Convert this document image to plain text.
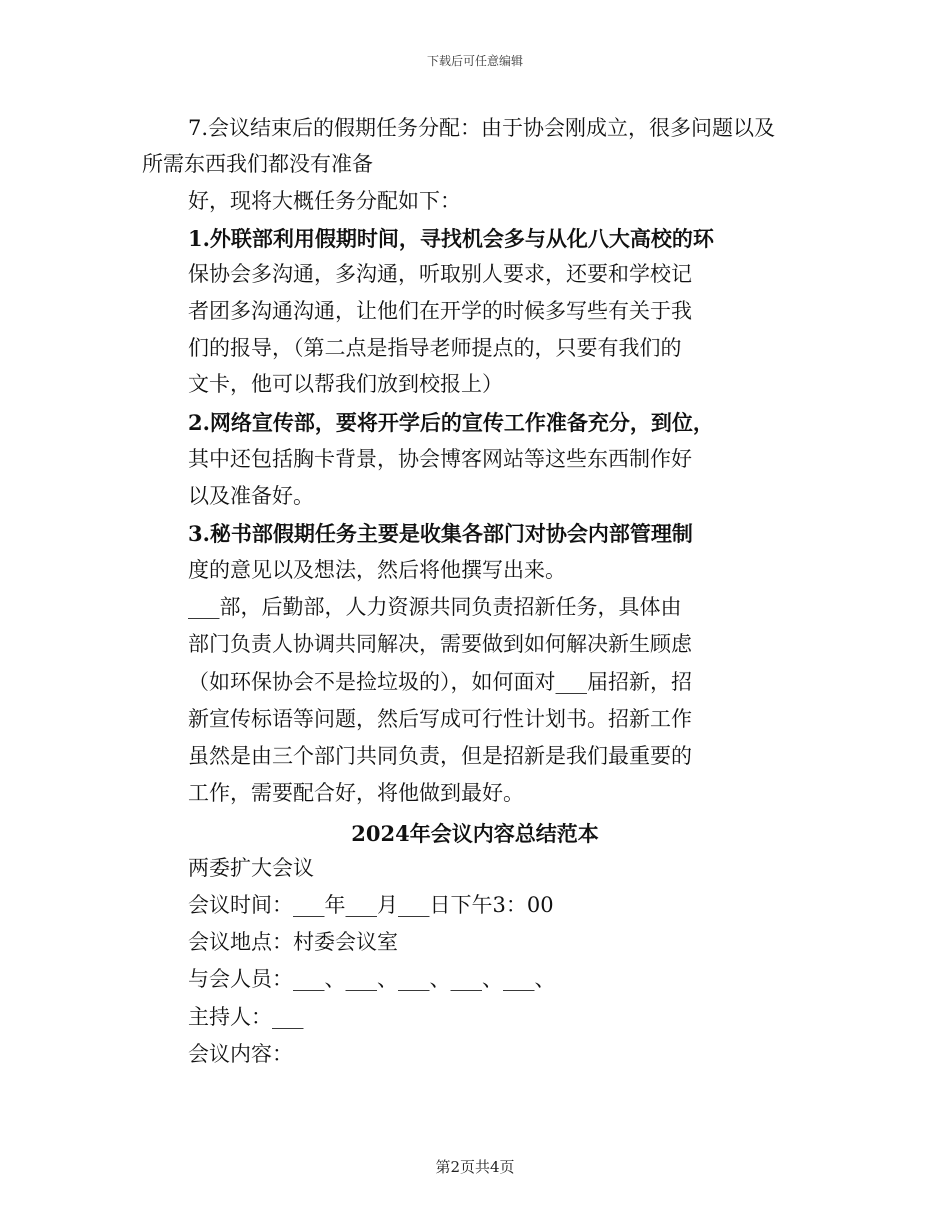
下载后可任意编辑
7.会议结束后的假期任务分配：由于协会刚成立，很多问题以及
所需东西我们都没有准备
好，现将大概任务分配如下：
1.外联部利用假期时间，寻找机会多与从化八大高校的环
保协会多沟通，多沟通，听取别人要求，还要和学校记
者团多沟通沟通，让他们在开学的时候多写些有关于我
们的报导，（第二点是指导老师提点的，只要有我们的
文卡，他可以帮我们放到校报上）
2.网络宣传部，要将开学后的宣传工作准备充分，到位，
其中还包括胸卡背景，协会博客网站等这些东西制作好
以及准备好。
3.秘书部假期任务主要是收集各部门对协会内部管理制
度的意见以及想法，然后将他撰写出来。
___部，后勤部，人力资源共同负责招新任务，具体由
部门负责人协调共同解决，需要做到如何解决新生顾虑
（如环保协会不是捡垃圾的），如何面对___届招新，招
新宣传标语等问题，然后写成可行性计划书。招新工作
虽然是由三个部门共同负责，但是招新是我们最重要的
工作，需要配合好，将他做到最好。
2024年会议内容总结范本
两委扩大会议
会议时间：___年___月___日下午3：00
会议地点：村委会议室
与会人员：___、___、___、___、___、
主持人：___
会议内容：
第2页共4页
